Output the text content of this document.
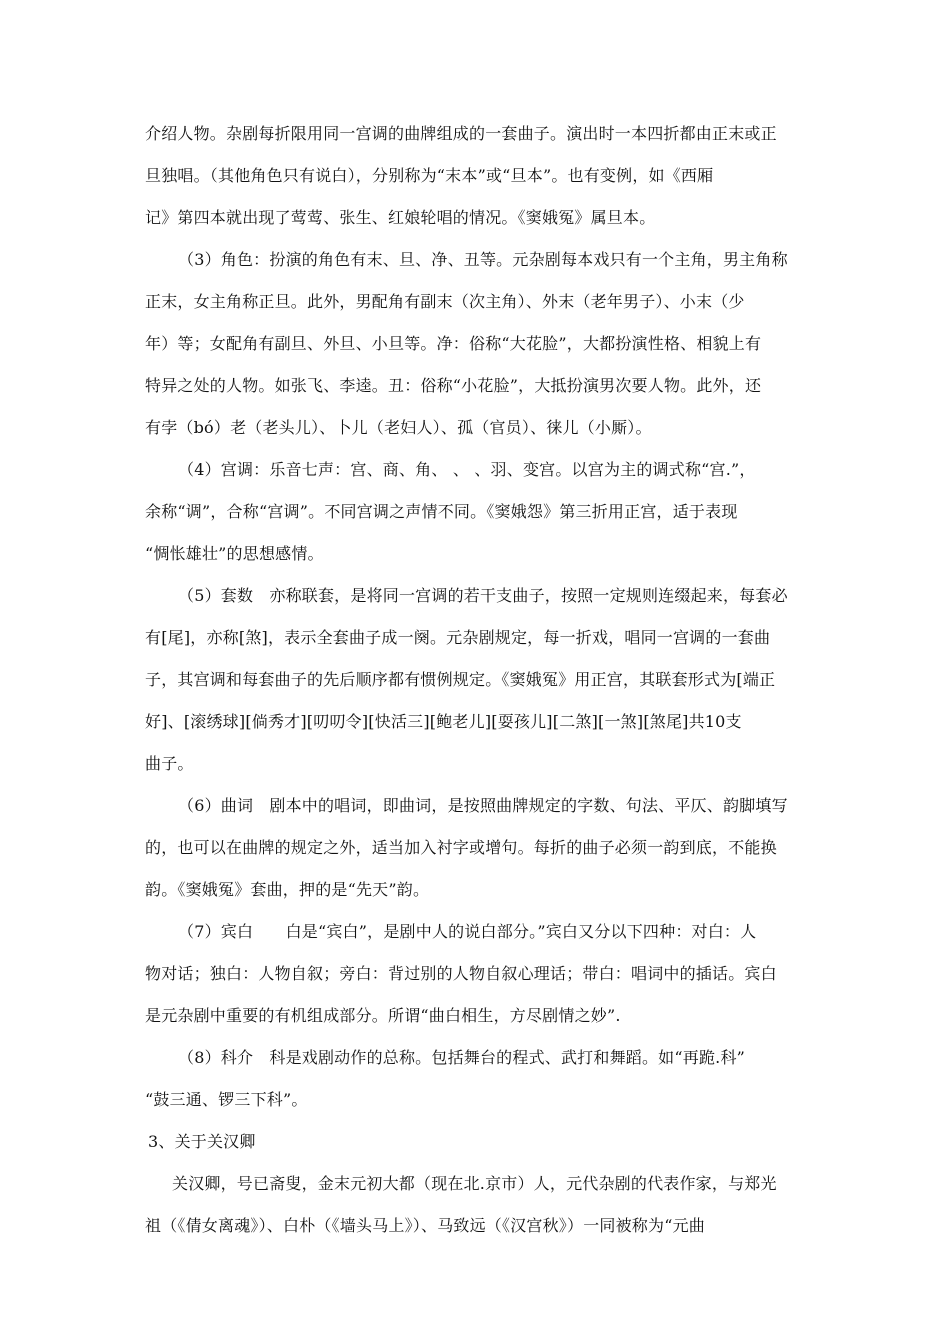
介绍人物。杂剧每折限用同一宫调的曲牌组成的一套曲子。演出时一本四折都由正末或正
旦独唱。（其他角色只有说白），分别称为“末本”或“旦本”。也有变例，如《西厢
记》第四本就出现了莺莺、张生、红娘轮唱的情况。《窦娥冤》属旦本。
（3）角色：扮演的角色有末、旦、净、丑等。元杂剧每本戏只有一个主角，男主角称
正末，女主角称正旦。此外，男配角有副末（次主角）、外末（老年男子）、小末（少
年）等；女配角有副旦、外旦、小旦等。净：俗称“大花脸”，大都扮演性格、相貌上有
特异之处的人物。如张飞、李逵。丑：俗称“小花脸”，大抵扮演男次要人物。此外，还
有孛（bó）老（老头儿）、卜儿（老妇人）、孤（官员）、徕儿（小厮）。
（4）宫调：乐音七声：宫、商、角、 、 、羽、变宫。以宫为主的调式称“宫.”，
余称“调”，合称“宫调”。不同宫调之声情不同。《窦娥怨》第三折用正宫，适于表现
“惆怅雄壮”的思想感情。
（5）套数　亦称联套，是将同一宫调的若干支曲子，按照一定规则连缀起来，每套必
有[尾]，亦称[煞]，表示全套曲子成一阕。元杂剧规定，每一折戏，唱同一宫调的一套曲
子，其宫调和每套曲子的先后顺序都有惯例规定。《窦娥冤》用正宫，其联套形式为[端正
好]、[滚绣球][倘秀才][叨叨令][快活三][鲍老儿][耍孩儿][二煞][一煞][煞尾]共10支
曲子。
（6）曲词　剧本中的唱词，即曲词，是按照曲牌规定的字数、句法、平仄、韵脚填写
的，也可以在曲牌的规定之外，适当加入衬字或增句。每折的曲子必须一韵到底，不能换
韵。《窦娥冤》套曲，押的是“先天”韵。
（7）宾白　　白是“宾白”，是剧中人的说白部分。”宾白又分以下四种：对白：人
物对话；独白：人物自叙；旁白：背过别的人物自叙心理话；带白：唱词中的插话。宾白
是元杂剧中重要的有机组成部分。所谓“曲白相生，方尽剧情之妙”.
（8）科介　科是戏剧动作的总称。包括舞台的程式、武打和舞蹈。如“再跪.科”
“鼓三通、锣三下科”。
3、关于关汉卿
关汉卿，号已斋叟，金末元初大都（现在北.京市）人，元代杂剧的代表作家，与郑光
祖（《倩女离魂》）、白朴（《墙头马上》）、马致远（《汉宫秋》）一同被称为“元曲
